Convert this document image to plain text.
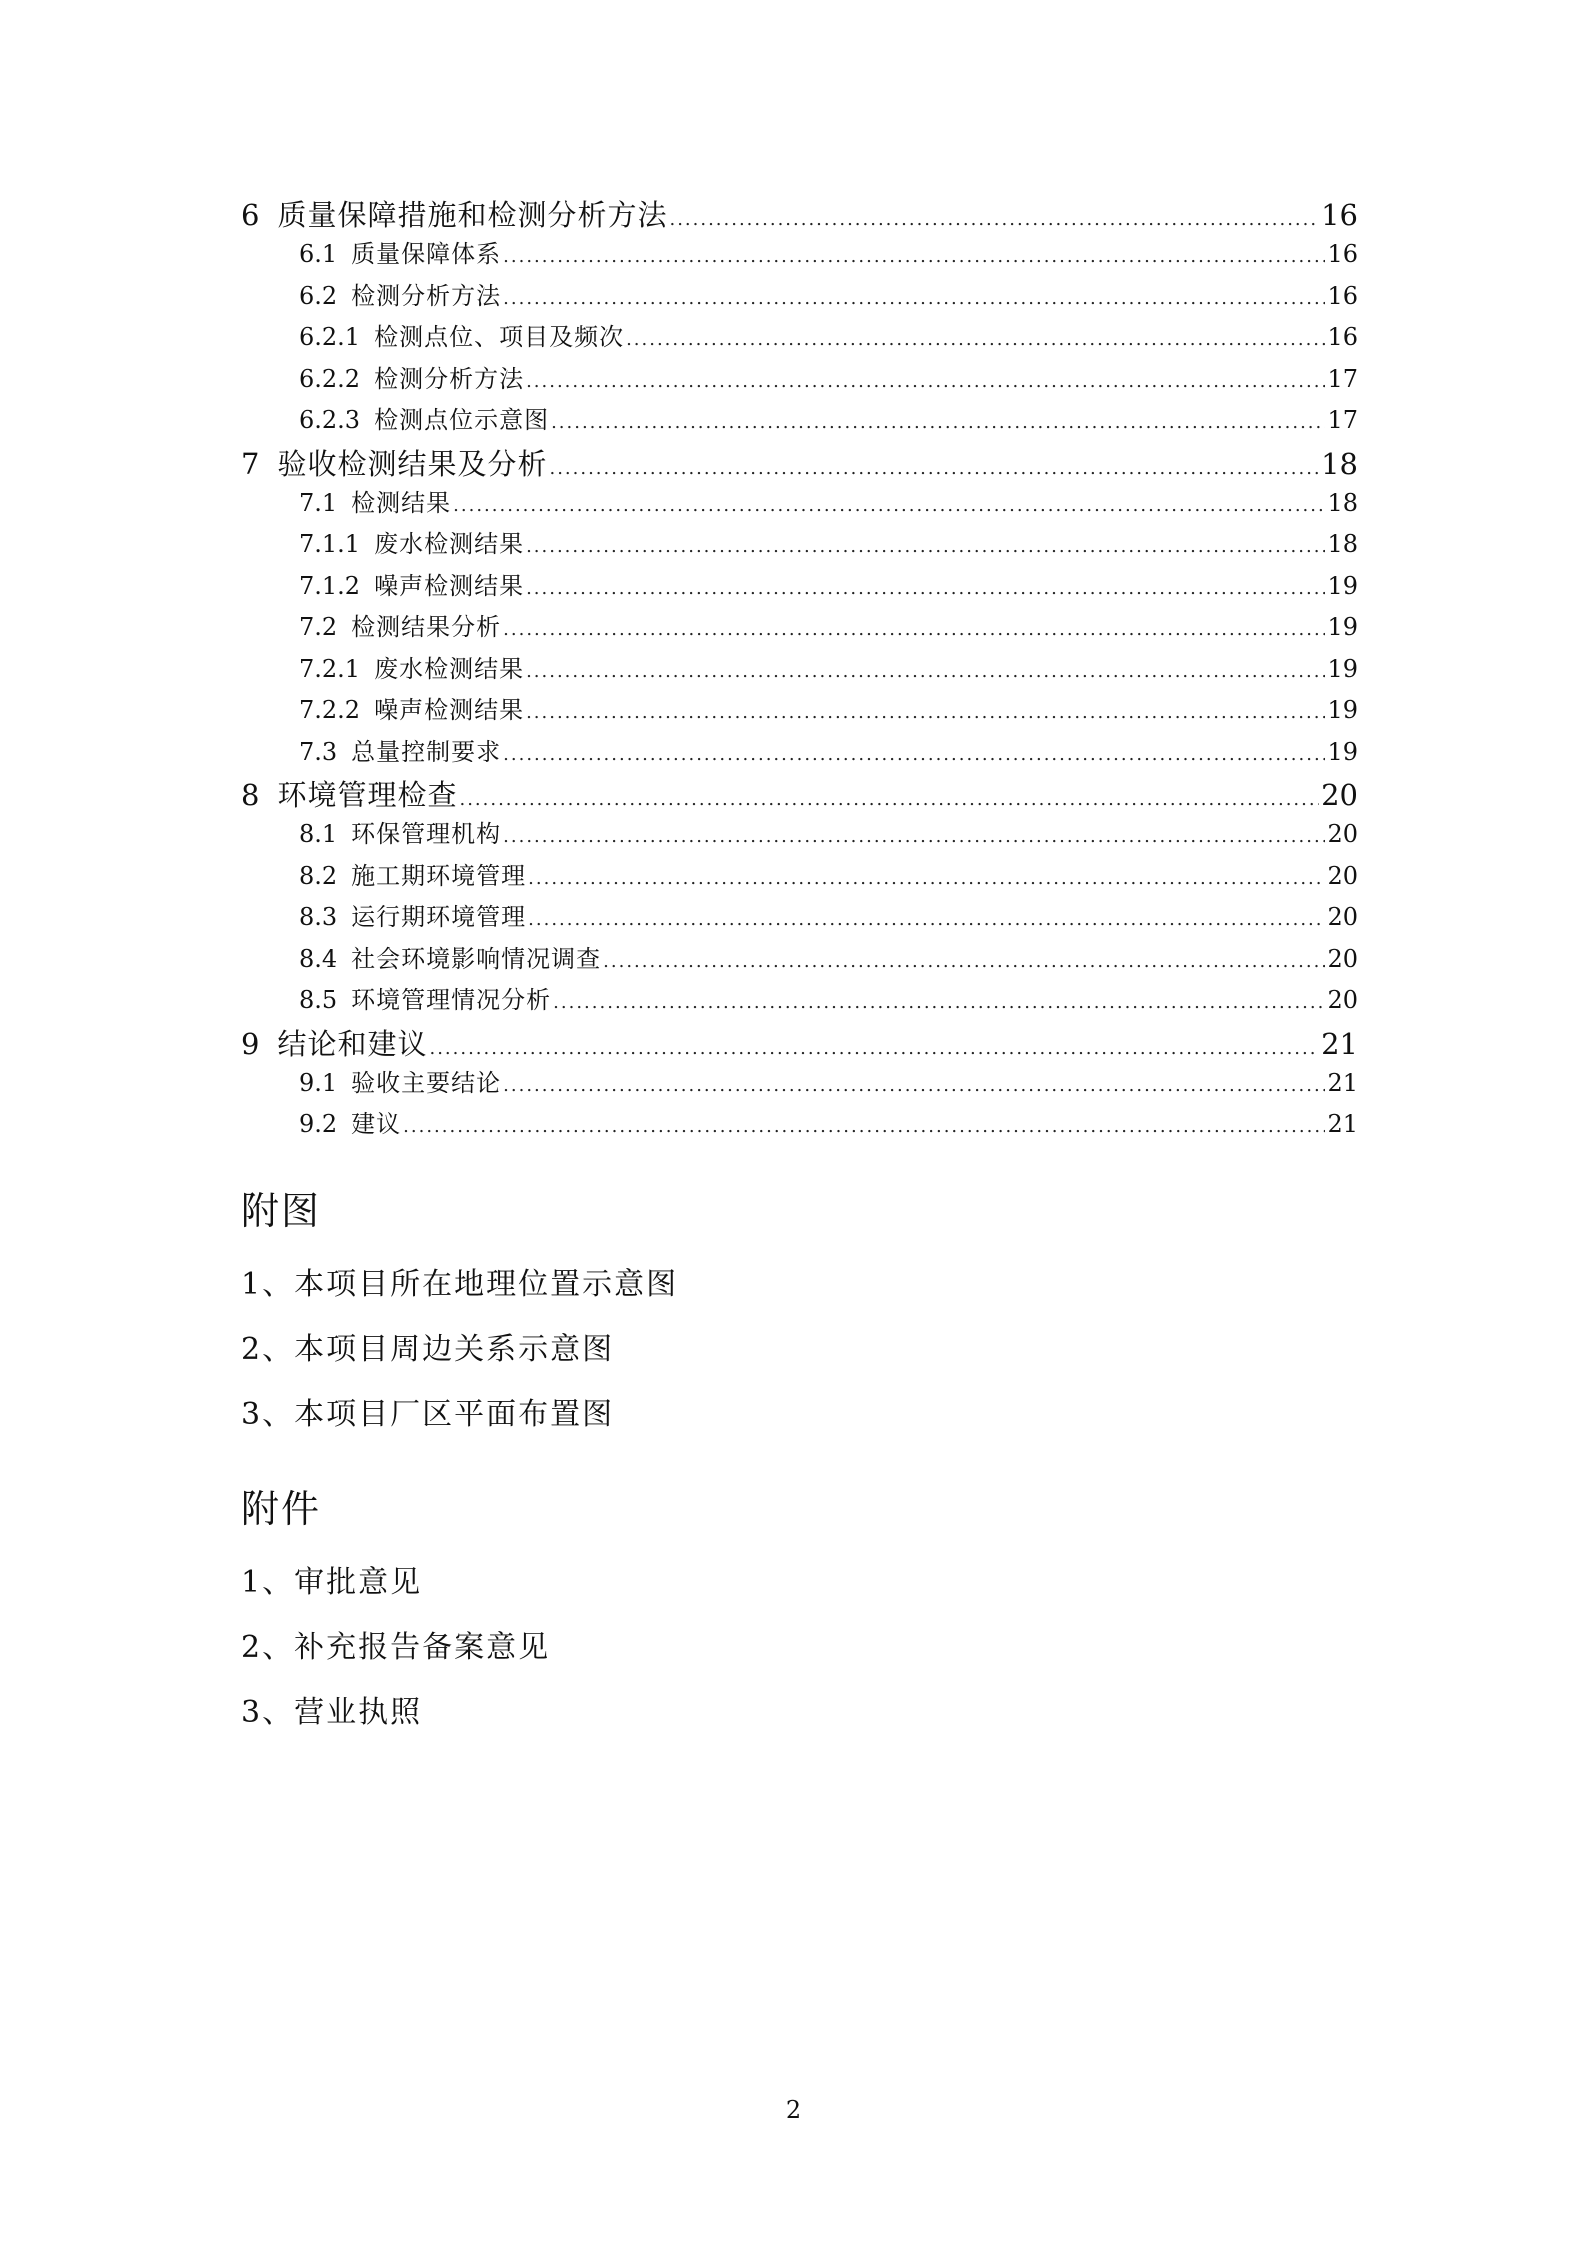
6 质量保障措施和检测分析方法 .....	16
6.1 质量保障体系 .....	16
6.2 检测分析方法 .....	16
6.2.1 检测点位、项目及频次 .....	16
6.2.2 检测分析方法 .....	17
6.2.3 检测点位示意图 .....	17
7 验收检测结果及分析 .....	18
7.1 检测结果 .....	18
7.1.1 废水检测结果 .....	18
7.1.2 噪声检测结果 .....	19
7.2 检测结果分析 .....	19
7.2.1 废水检测结果 .....	19
7.2.2 噪声检测结果 .....	19
7.3 总量控制要求 .....	19
8 环境管理检查 .....	20
8.1 环保管理机构 .....	20
8.2 施工期环境管理 .....	20
8.3 运行期环境管理 .....	20
8.4 社会环境影响情况调查 .....	20
8.5 环境管理情况分析 .....	20
9 结论和建议 .....	21
9.1 验收主要结论 .....	21
9.2 建议 .....	21
附图
1、本项目所在地理位置示意图
2、本项目周边关系示意图
3、本项目厂区平面布置图
附件
1、审批意见
2、补充报告备案意见
3、营业执照
2
